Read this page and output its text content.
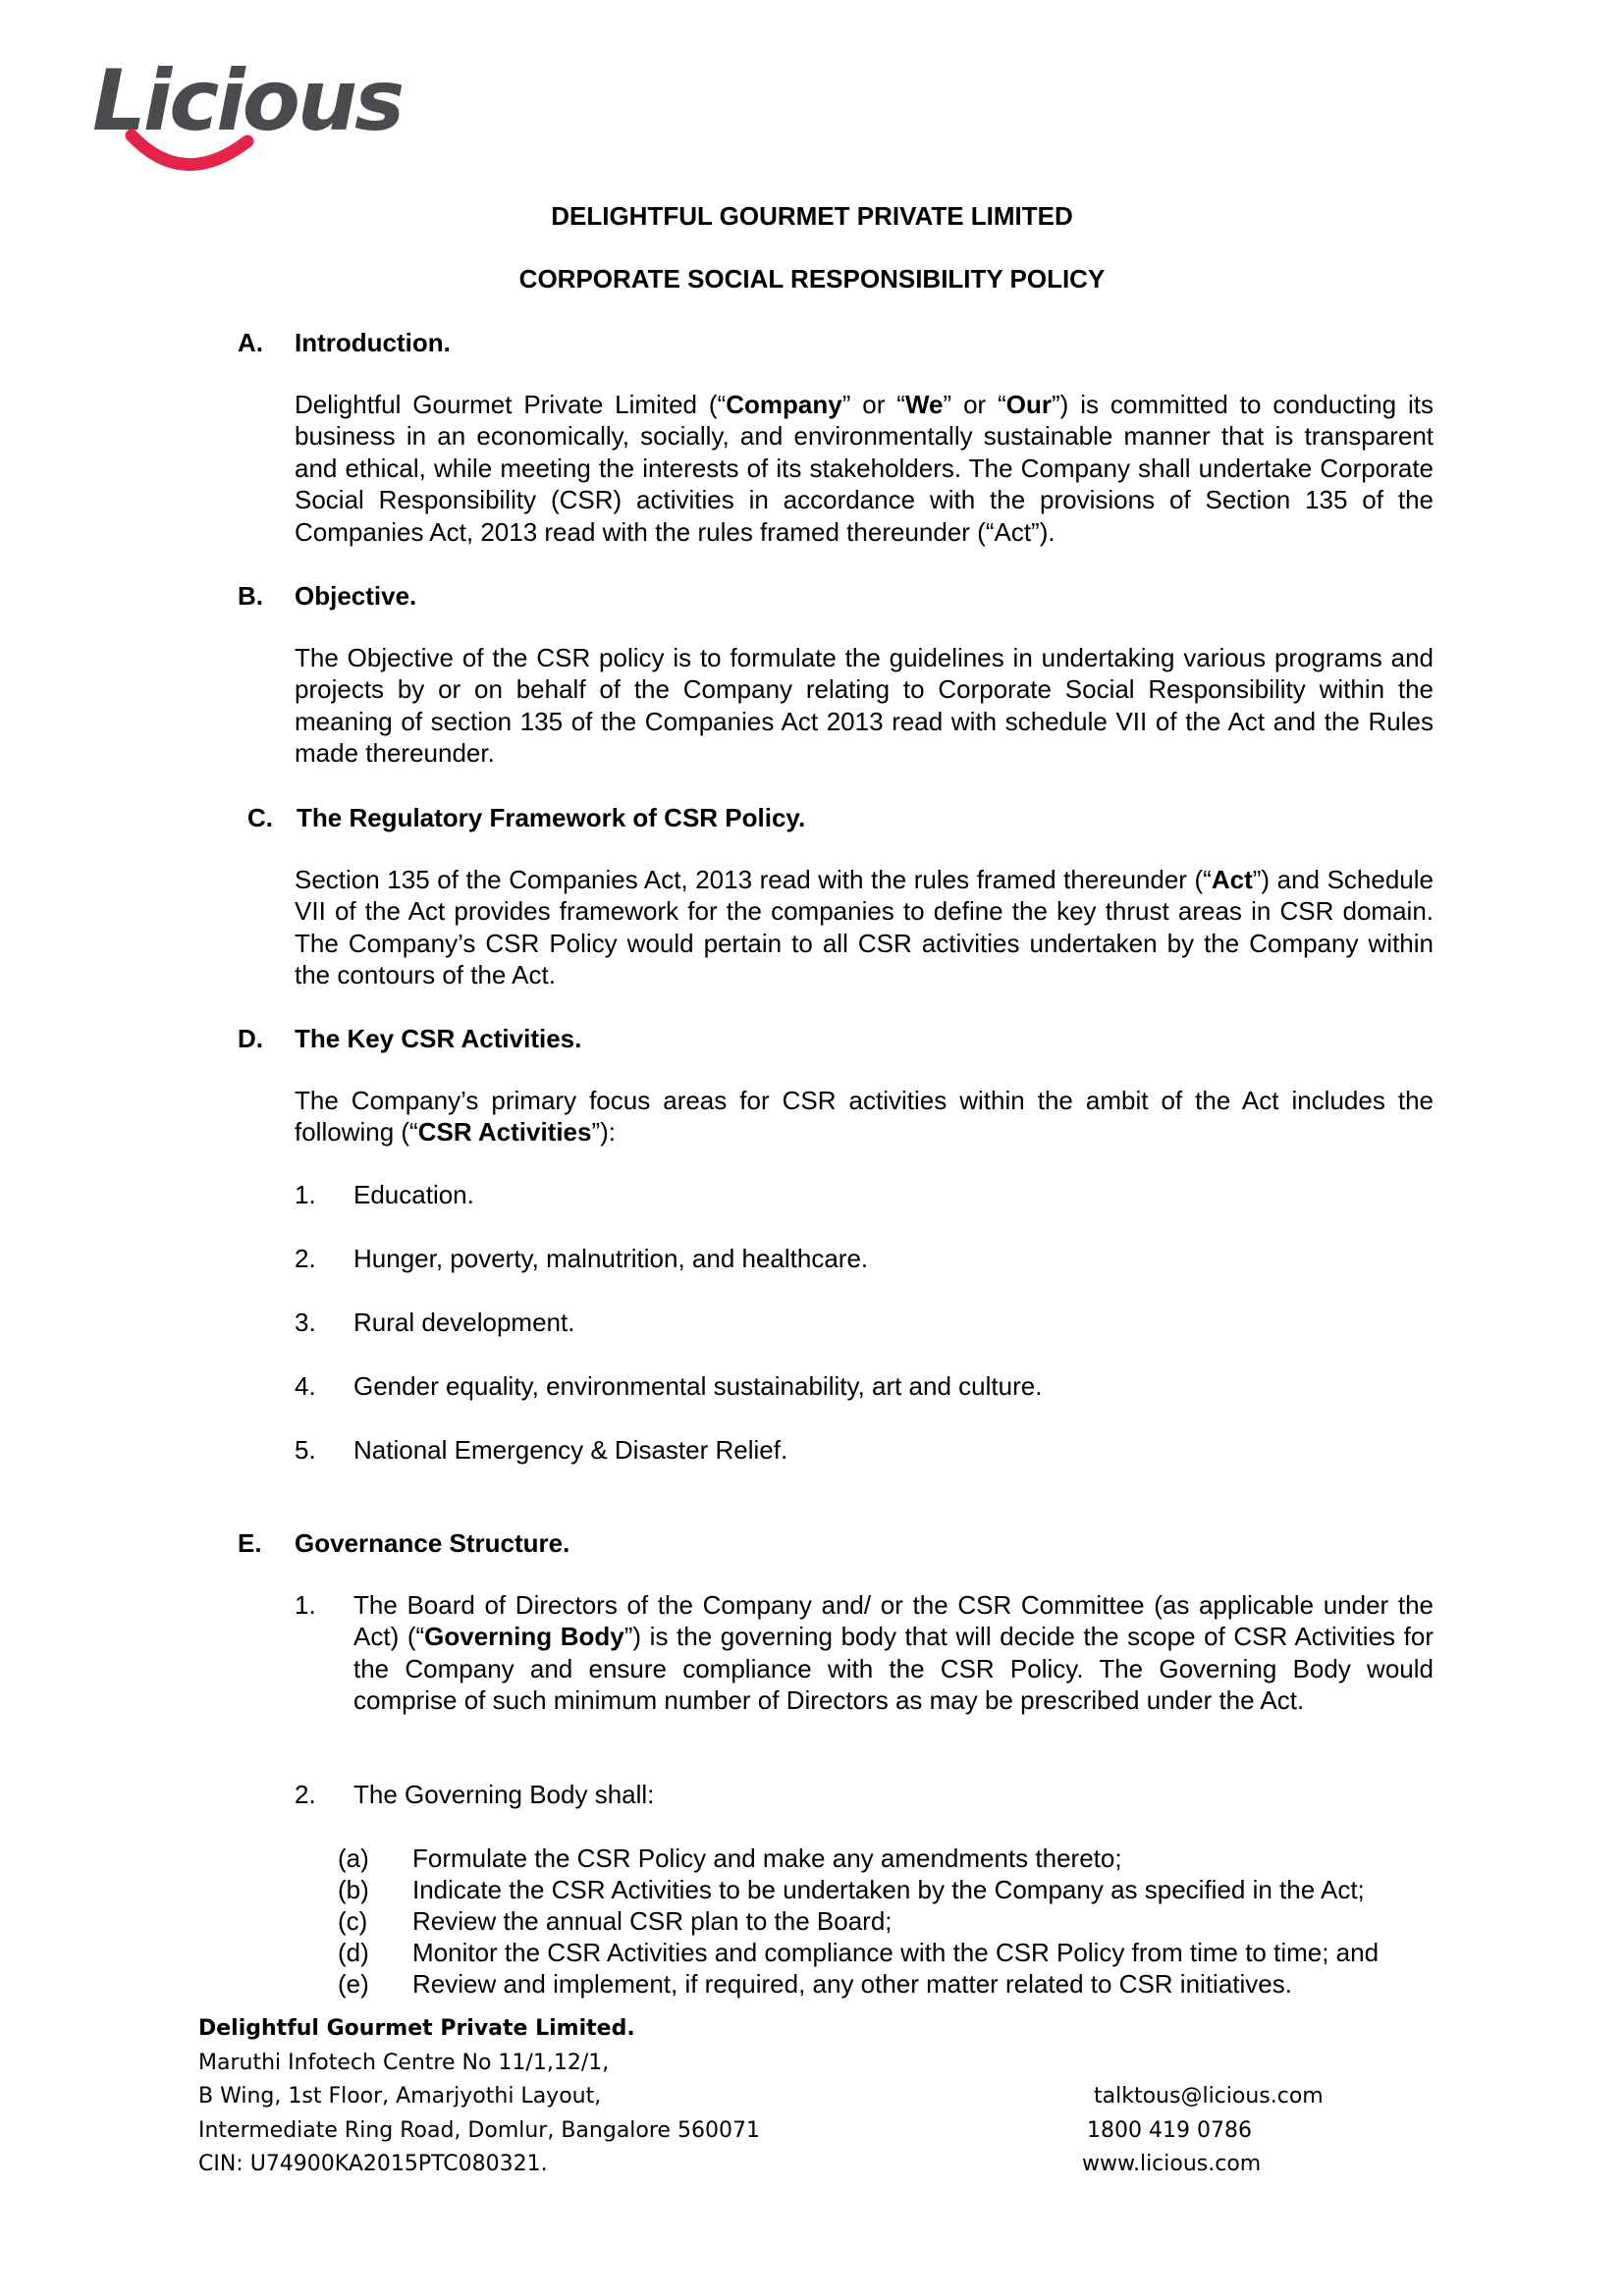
Licious
DELIGHTFUL GOURMET PRIVATE LIMITED
CORPORATE SOCIAL RESPONSIBILITY POLICY
A. Introduction.

Delightful Gourmet Private Limited (“Company” or “We” or “Our”) is committed to conducting its business in an economically, socially, and environmentally sustainable manner that is transparent and ethical, while meeting the interests of its stakeholders. The Company shall undertake Corporate Social Responsibility (CSR) activities in accordance with the provisions of Section 135 of the Companies Act, 2013 read with the rules framed thereunder (“Act”).

B. Objective.

The Objective of the CSR policy is to formulate the guidelines in undertaking various programs and projects by or on behalf of the Company relating to Corporate Social Responsibility within the meaning of section 135 of the Companies Act 2013 read with schedule VII of the Act and the Rules made thereunder.

C. The Regulatory Framework of CSR Policy.

Section 135 of the Companies Act, 2013 read with the rules framed thereunder (“Act”) and Schedule VII of the Act provides framework for the companies to define the key thrust areas in CSR domain. The Company’s CSR Policy would pertain to all CSR activities undertaken by the Company within the contours of the Act.

D. The Key CSR Activities.

The Company’s primary focus areas for CSR activities within the ambit of the Act includes the following (“CSR Activities”):

1. Education.
2. Hunger, poverty, malnutrition, and healthcare.
3. Rural development.
4. Gender equality, environmental sustainability, art and culture.
5. National Emergency & Disaster Relief.
E. Governance Structure.
1. The Board of Directors of the Company and/ or the CSR Committee (as applicable under the Act) (“Governing Body”) is the governing body that will decide the scope of CSR Activities for the Company and ensure compliance with the CSR Policy. The Governing Body would comprise of such minimum number of Directors as may be prescribed under the Act.
2. The Governing Body shall:
(a) Formulate the CSR Policy and make any amendments thereto;
(b) Indicate the CSR Activities to be undertaken by the Company as specified in the Act;
(c) Review the annual CSR plan to the Board;
(d) Monitor the CSR Activities and compliance with the CSR Policy from time to time; and
(e) Review and implement, if required, any other matter related to CSR initiatives.
Delightful Gourmet Private Limited.
Maruthi Infotech Centre No 11/1,12/1,
B Wing, 1st Floor, Amarjyothi Layout,
Intermediate Ring Road, Domlur, Bangalore 560071
CIN: U74900KA2015PTC080321.
talktous@licious.com
1800 419 0786
www.licious.com
